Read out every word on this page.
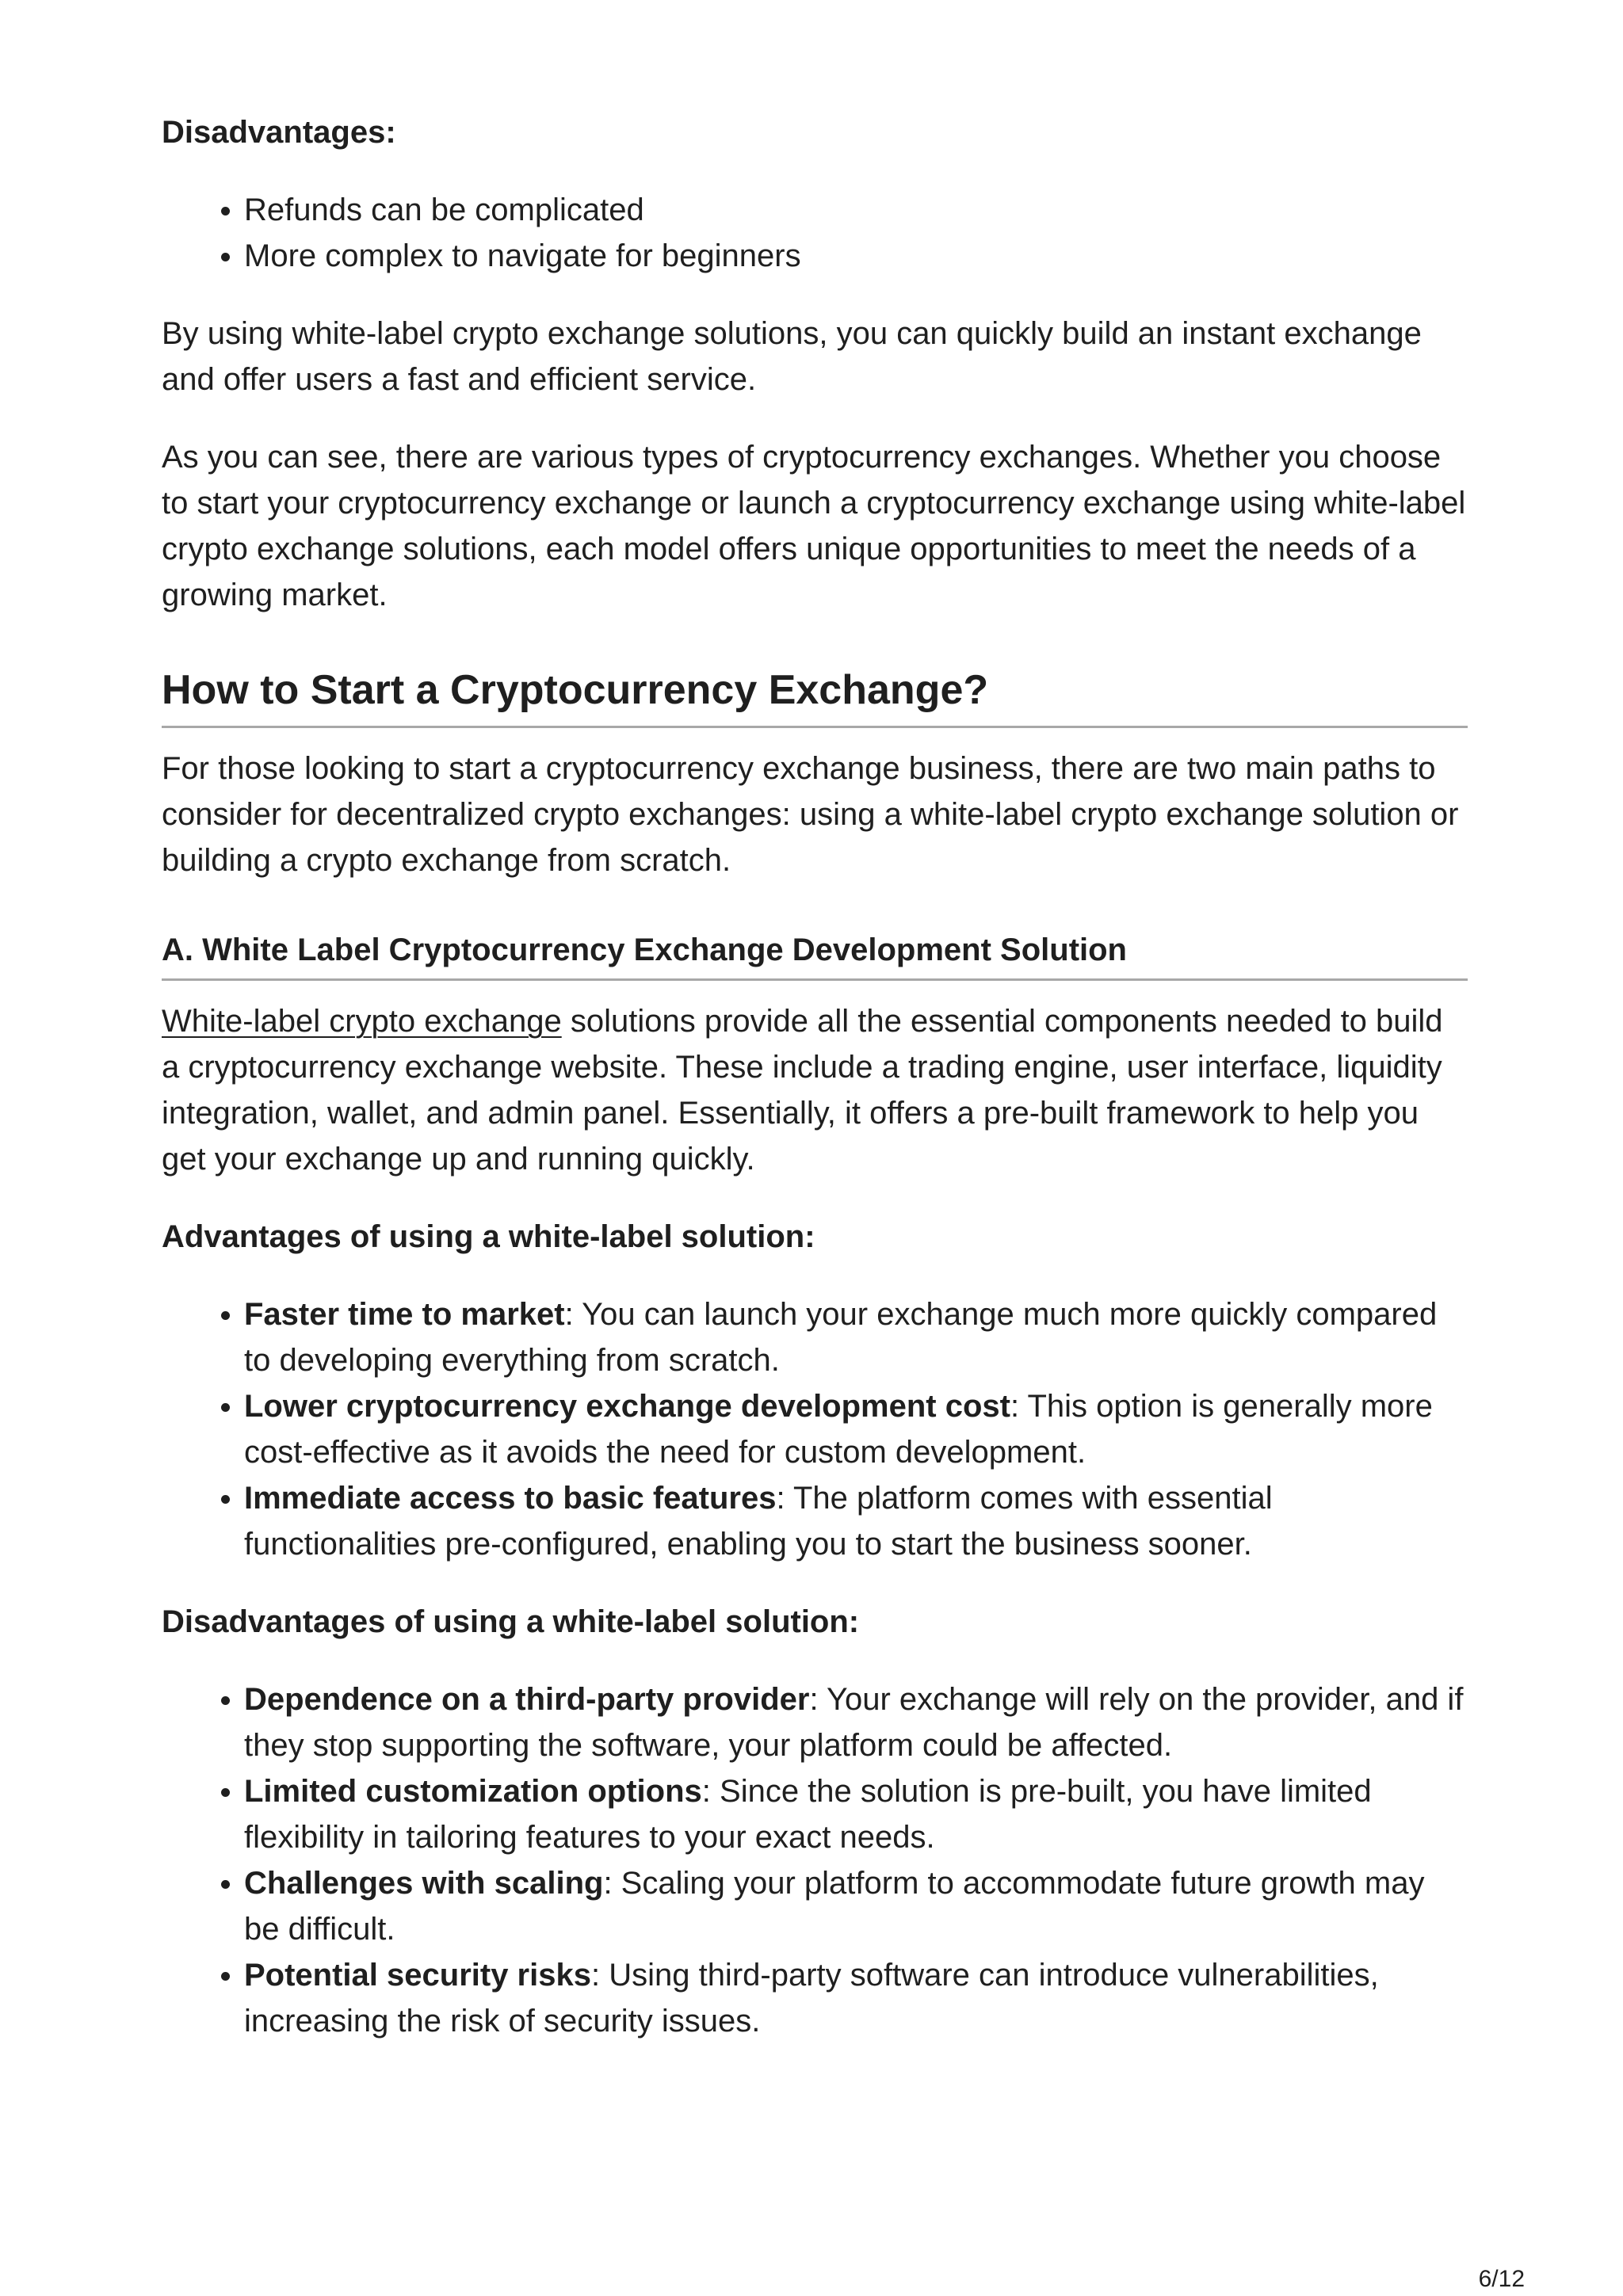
Disadvantages:
• Refunds can be complicated
• More complex to navigate for beginners

By using white-label crypto exchange solutions, you can quickly build an instant exchange and offer users a fast and efficient service.

As you can see, there are various types of cryptocurrency exchanges. Whether you choose to start your cryptocurrency exchange or launch a cryptocurrency exchange using white-label crypto exchange solutions, each model offers unique opportunities to meet the needs of a growing market.

How to Start a Cryptocurrency Exchange?

For those looking to start a cryptocurrency exchange business, there are two main paths to consider for decentralized crypto exchanges: using a white-label crypto exchange solution or building a crypto exchange from scratch.

A. White Label Cryptocurrency Exchange Development Solution

White-label crypto exchange solutions provide all the essential components needed to build a cryptocurrency exchange website. These include a trading engine, user interface, liquidity integration, wallet, and admin panel. Essentially, it offers a pre-built framework to help you get your exchange up and running quickly.

Advantages of using a white-label solution:
• Faster time to market: You can launch your exchange much more quickly compared to developing everything from scratch.
• Lower cryptocurrency exchange development cost: This option is generally more cost-effective as it avoids the need for custom development.
• Immediate access to basic features: The platform comes with essential functionalities pre-configured, enabling you to start the business sooner.
Disadvantages of using a white-label solution:
• Dependence on a third-party provider: Your exchange will rely on the provider, and if they stop supporting the software, your platform could be affected.
• Limited customization options: Since the solution is pre-built, you have limited flexibility in tailoring features to your exact needs.
• Challenges with scaling: Scaling your platform to accommodate future growth may be difficult.
• Potential security risks: Using third-party software can introduce vulnerabilities, increasing the risk of security issues.
6/12
